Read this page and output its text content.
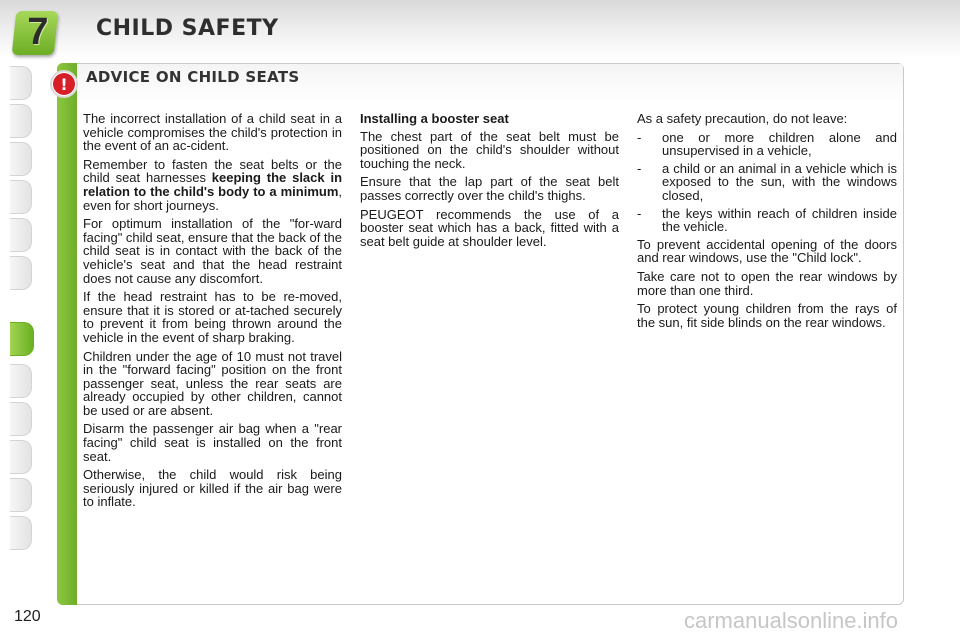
7	CHILD SAFETY
!	ADVICE ON CHILD SEATS

The incorrect installation of a child seat in a vehicle compromises the child's protection in the event of an ac-cident.

Remember to fasten the seat belts or the child seat harnesses keeping the slack in relation to the child's body to a minimum, even for short journeys.

For optimum installation of the "for-ward facing" child seat, ensure that the back of the child seat is in contact with the back of the vehicle's seat and that the head restraint does not cause any discomfort.

If the head restraint has to be re-moved, ensure that it is stored or at-tached securely to prevent it from being thrown around the vehicle in the event of sharp braking.

Children under the age of 10 must not travel in the "forward facing" position on the front passenger seat, unless the rear seats are already occupied by other children, cannot be used or are absent.

Disarm the passenger air bag when a "rear facing" child seat is installed on the front seat.

Otherwise, the child would risk being seriously injured or killed if the air bag were to inflate.

Installing a booster seat

The chest part of the seat belt must be positioned on the child's shoulder without touching the neck.

Ensure that the lap part of the seat belt passes correctly over the child's thighs.

PEUGEOT recommends the use of a booster seat which has a back, fitted with a seat belt guide at shoulder level.

As a safety precaution, do not leave:

-	one or more children alone and unsupervised in a vehicle,
-	a child or an animal in a vehicle which is exposed to the sun, with the windows closed,
-	the keys within reach of children inside the vehicle.

To prevent accidental opening of the doors and rear windows, use the "Child lock".

Take care not to open the rear windows by more than one third.

To protect young children from the rays of the sun, fit side blinds on the rear windows.

120	carmanualsonline.info
